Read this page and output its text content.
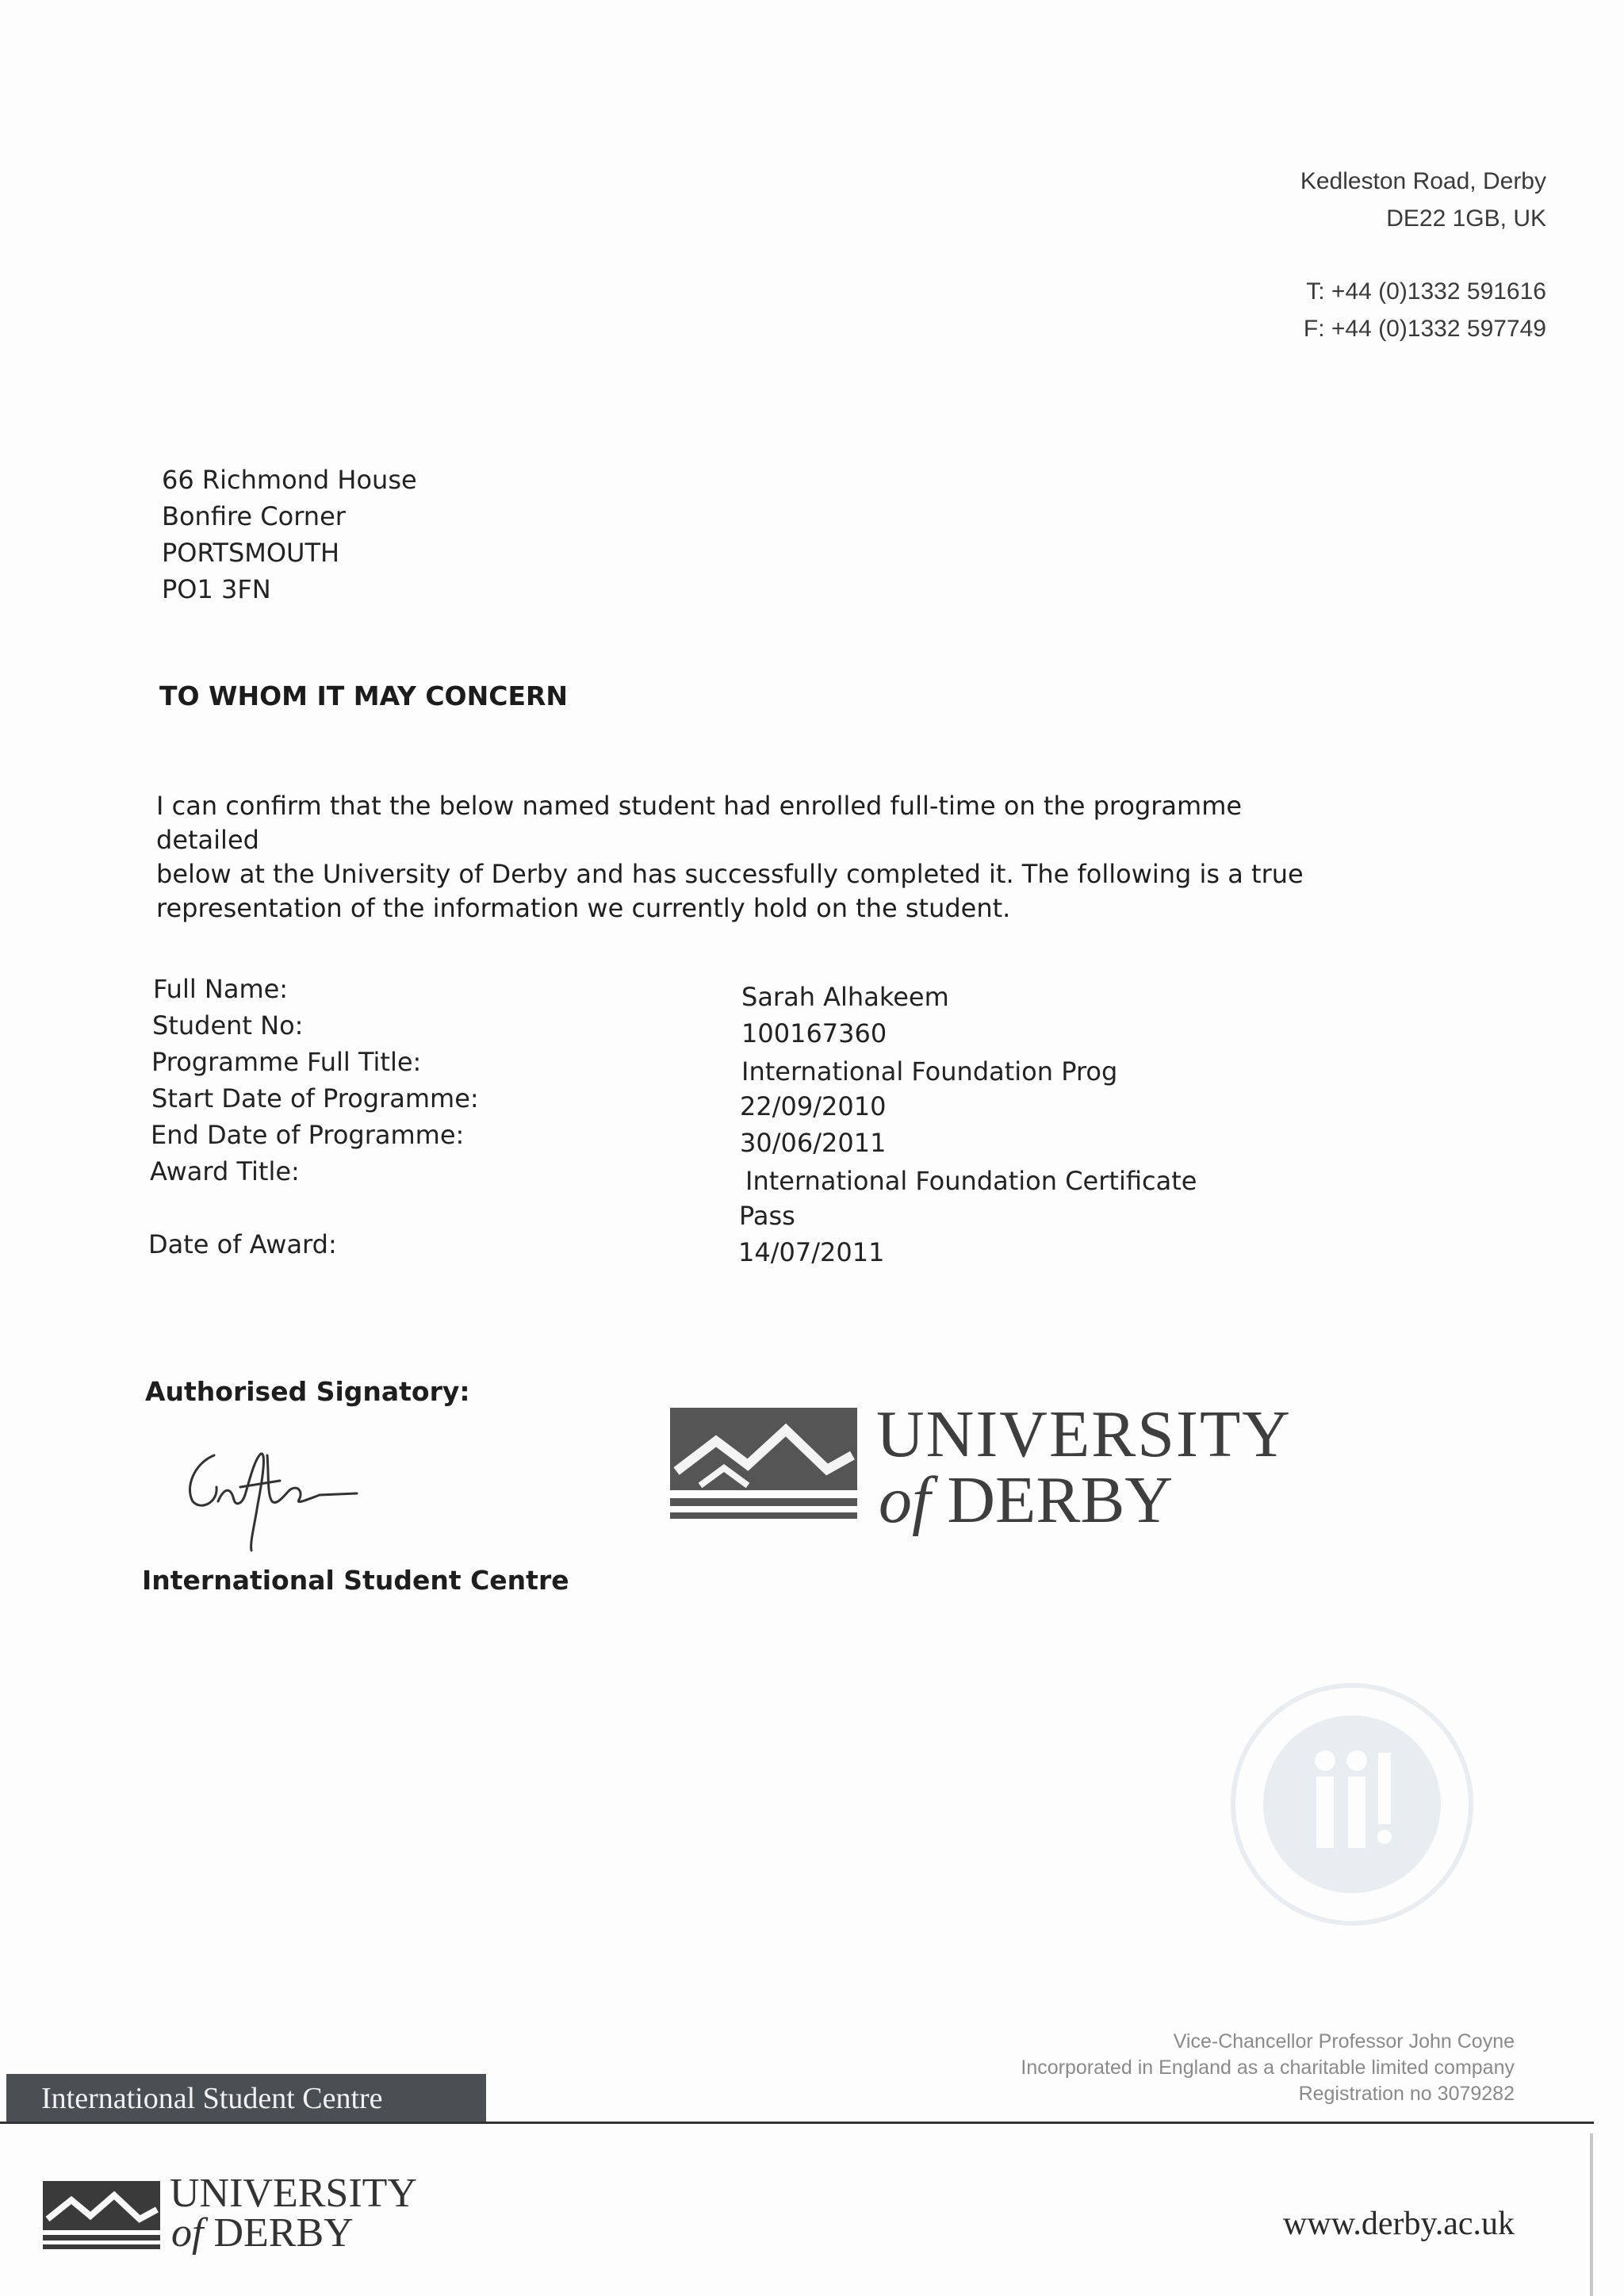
Kedleston Road, Derby
DE22 1GB, UK
T: +44 (0)1332 591616
F: +44 (0)1332 597749
66 Richmond House
Bonfire Corner
PORTSMOUTH
PO1 3FN
TO WHOM IT MAY CONCERN
I can confirm that the below named student had enrolled full-time on the programme detailed
below at the University of Derby and has successfully completed it. The following is a true
representation of the information we currently hold on the student.
Full Name:	Sarah Alhakeem
Student No:	100167360
Programme Full Title:	International Foundation Prog
Start Date of Programme:	22/09/2010
End Date of Programme:	30/06/2011
Award Title:	International Foundation Certificate
Pass
Date of Award:	14/07/2011
Authorised Signatory:
International Student Centre
UNIVERSITY
of DERBY
Vice-Chancellor Professor John Coyne
Incorporated in England as a charitable limited company
Registration no 3079282
International Student Centre
UNIVERSITY
of DERBY	www.derby.ac.uk
